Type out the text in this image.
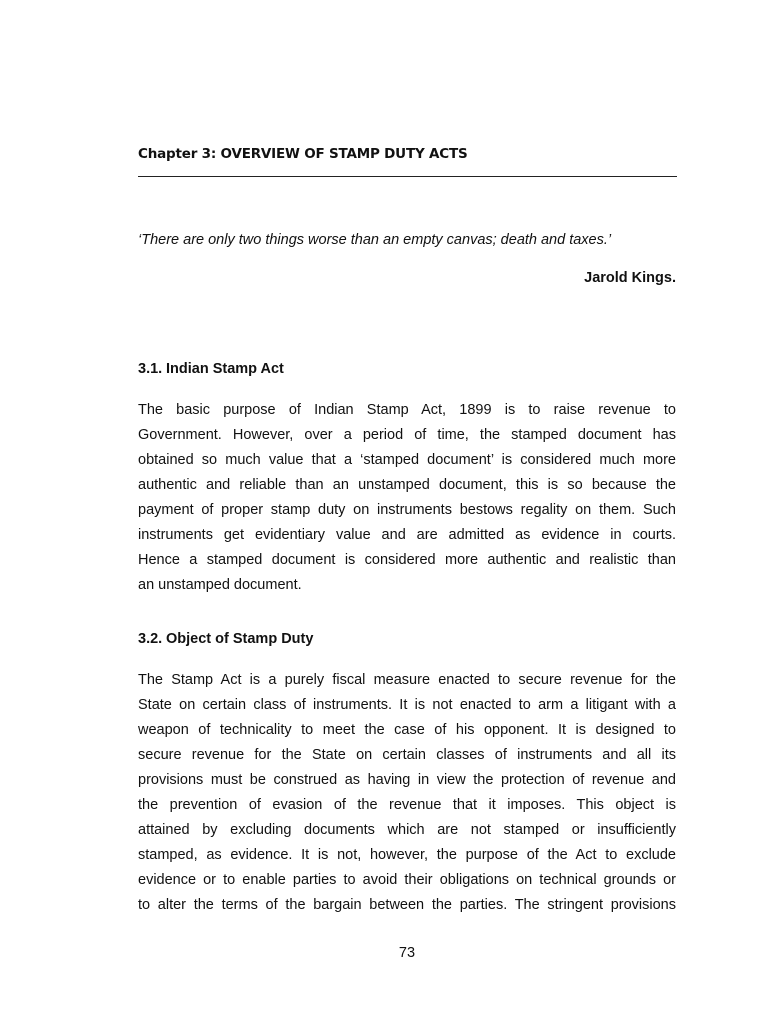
Chapter 3: OVERVIEW OF STAMP DUTY ACTS

‘There are only two things worse than an empty canvas; death and taxes.’

Jarold Kings.

3.1. Indian Stamp Act
The basic purpose of Indian Stamp Act, 1899 is to raise revenue to
Government. However, over a period of time, the stamped document has
obtained so much value that a ‘stamped document’ is considered much more
authentic and reliable than an unstamped document, this is so because the
payment of proper stamp duty on instruments bestows regality on them. Such
instruments get evidentiary value and are admitted as evidence in courts.
Hence a stamped document is considered more authentic and realistic than
an unstamped document.
3.2. Object of Stamp Duty
The Stamp Act is a purely fiscal measure enacted to secure revenue for the
State on certain class of instruments. It is not enacted to arm a litigant with a
weapon of technicality to meet the case of his opponent. It is designed to
secure revenue for the State on certain classes of instruments and all its
provisions must be construed as having in view the protection of revenue and
the prevention of evasion of the revenue that it imposes. This object is
attained by excluding documents which are not stamped or insufficiently
stamped, as evidence. It is not, however, the purpose of the Act to exclude
evidence or to enable parties to avoid their obligations on technical grounds or
to alter the terms of the bargain between the parties. The stringent provisions

73
